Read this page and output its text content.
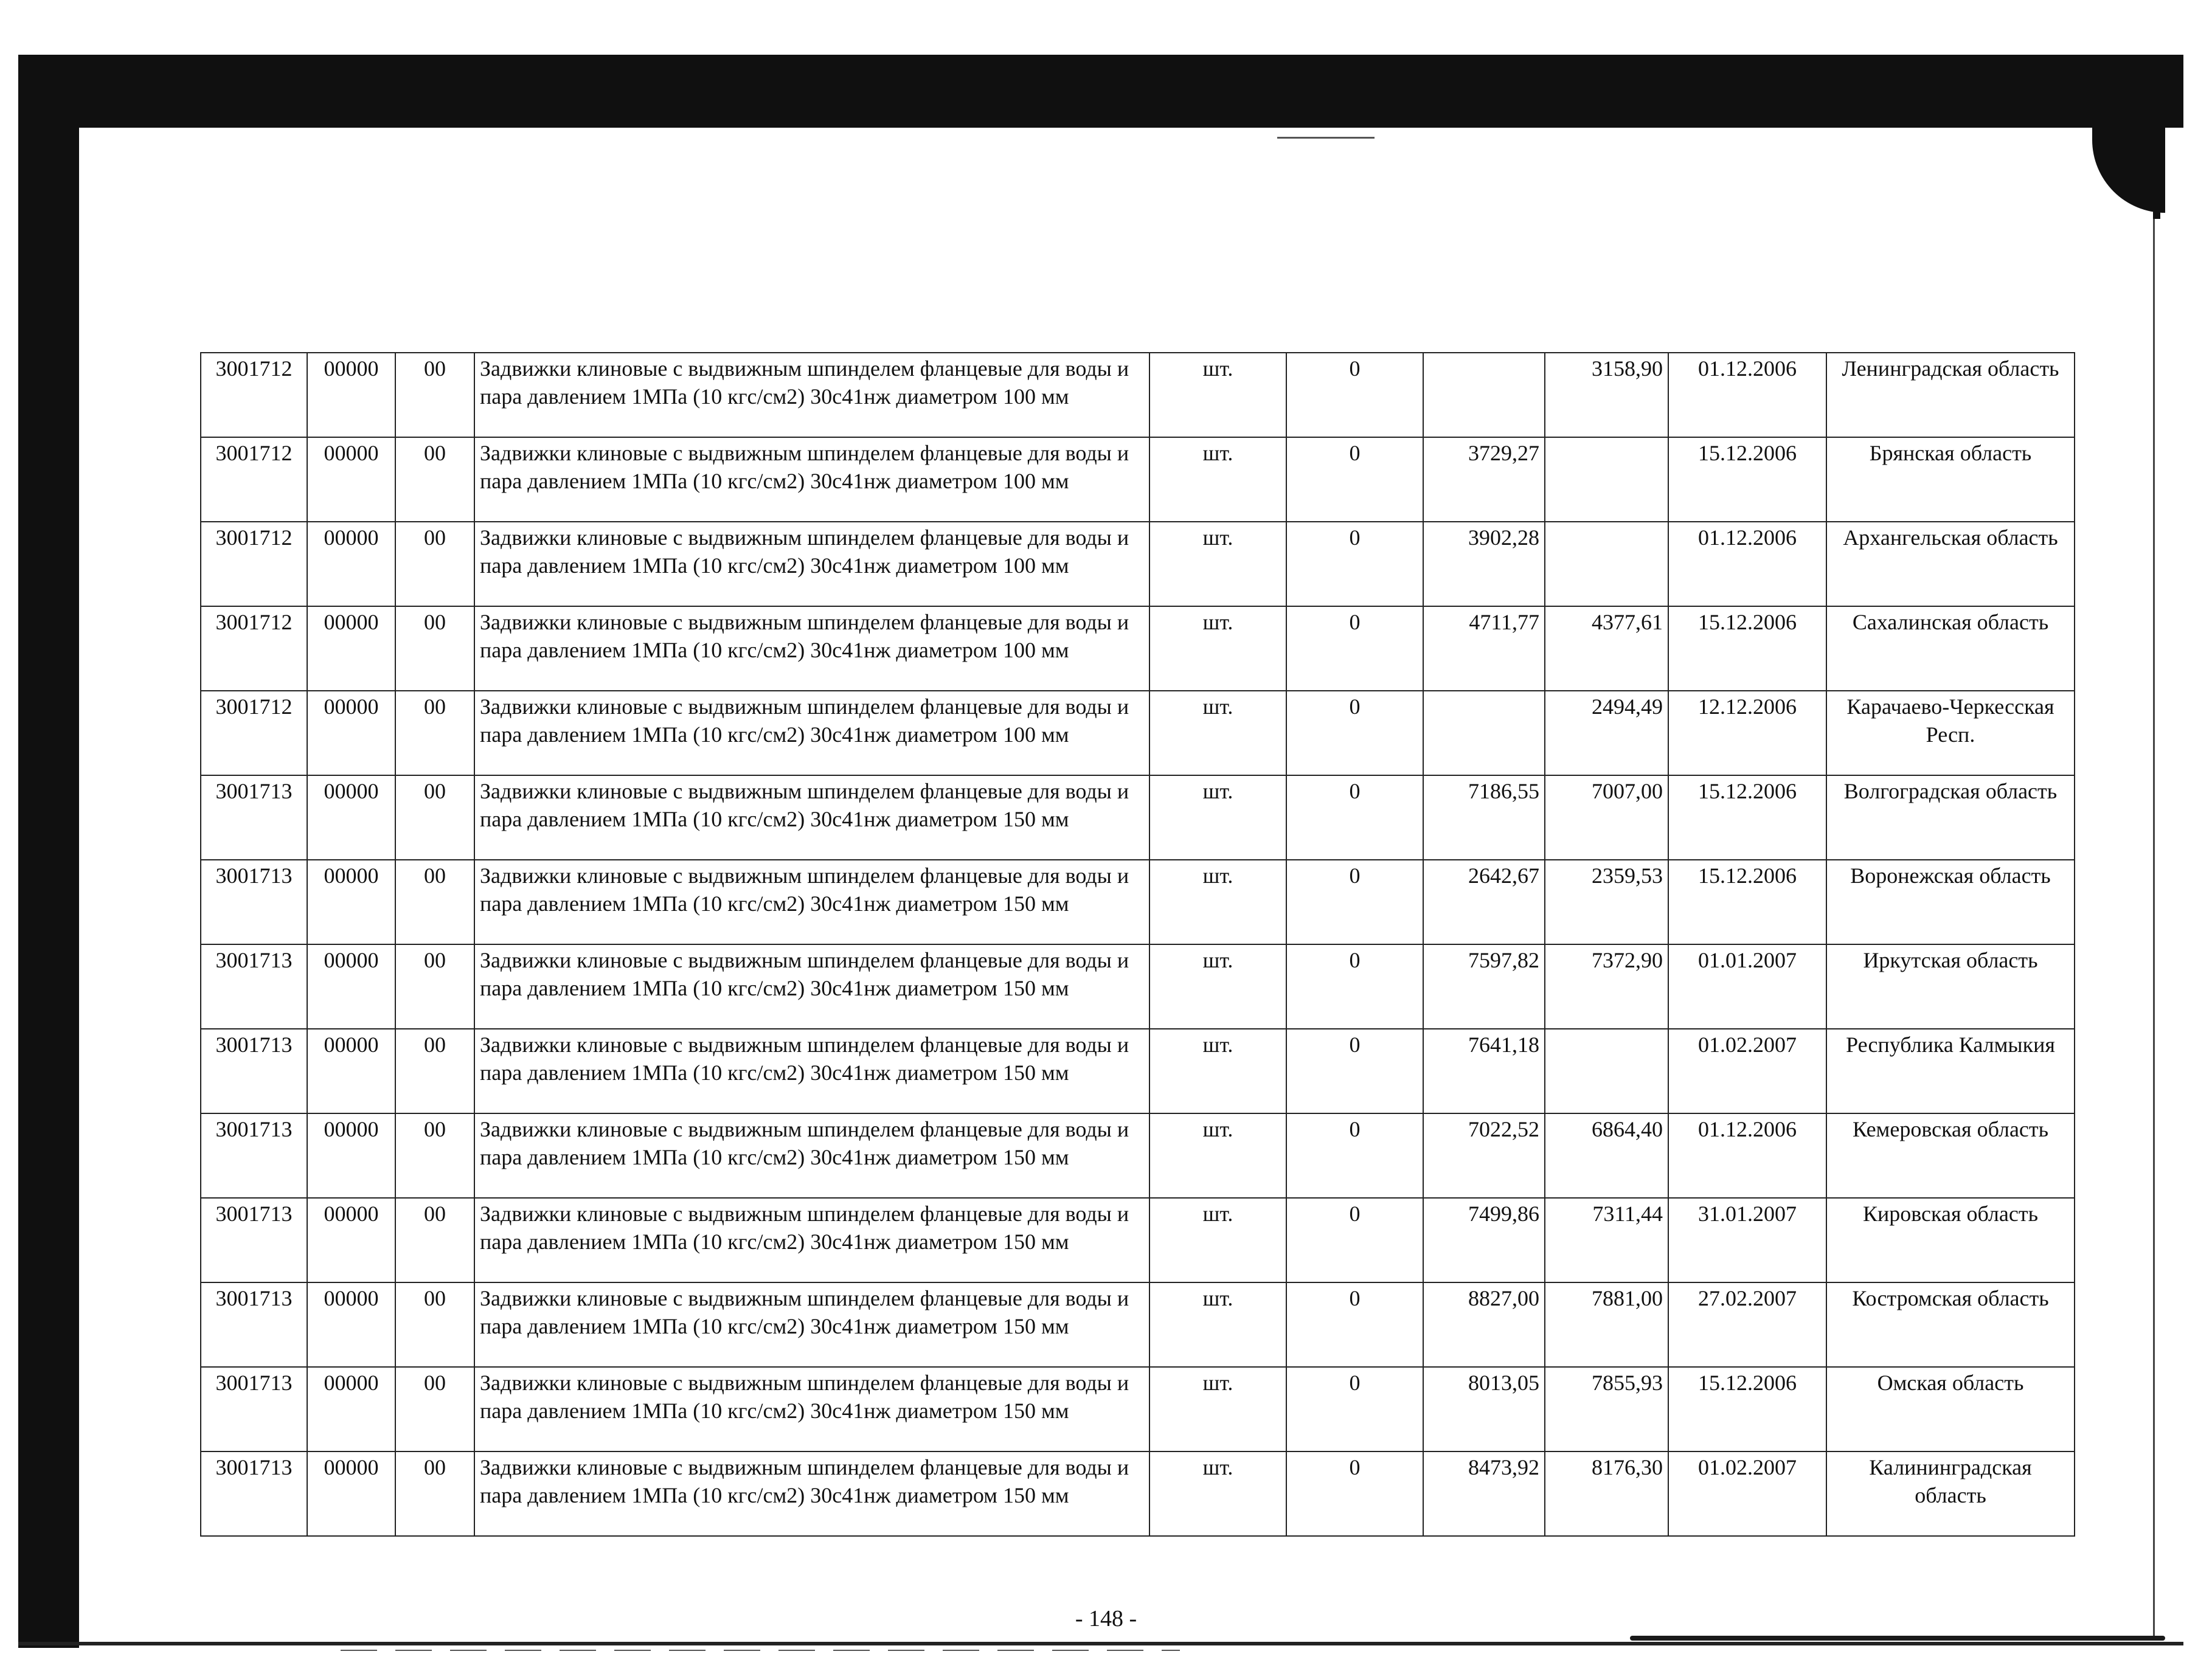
3001712	00000	00	Задвижки клиновые с выдвижным шпинделем фланцевые для воды и пара давлением 1МПа (10 кгс/см2) 30с41нж диаметром 100 мм	шт.	0		3158,90	01.12.2006	Ленинградская область
3001712	00000	00	Задвижки клиновые с выдвижным шпинделем фланцевые для воды и пара давлением 1МПа (10 кгс/см2) 30с41нж диаметром 100 мм	шт.	0	3729,27		15.12.2006	Брянская область
3001712	00000	00	Задвижки клиновые с выдвижным шпинделем фланцевые для воды и пара давлением 1МПа (10 кгс/см2) 30с41нж диаметром 100 мм	шт.	0	3902,28		01.12.2006	Архангельская область
3001712	00000	00	Задвижки клиновые с выдвижным шпинделем фланцевые для воды и пара давлением 1МПа (10 кгс/см2) 30с41нж диаметром 100 мм	шт.	0	4711,77	4377,61	15.12.2006	Сахалинская область
3001712	00000	00	Задвижки клиновые с выдвижным шпинделем фланцевые для воды и пара давлением 1МПа (10 кгс/см2) 30с41нж диаметром 100 мм	шт.	0		2494,49	12.12.2006	Карачаево-Черкесская Респ.
3001713	00000	00	Задвижки клиновые с выдвижным шпинделем фланцевые для воды и пара давлением 1МПа (10 кгс/см2) 30с41нж диаметром 150 мм	шт.	0	7186,55	7007,00	15.12.2006	Волгоградская область
3001713	00000	00	Задвижки клиновые с выдвижным шпинделем фланцевые для воды и пара давлением 1МПа (10 кгс/см2) 30с41нж диаметром 150 мм	шт.	0	2642,67	2359,53	15.12.2006	Воронежская область
3001713	00000	00	Задвижки клиновые с выдвижным шпинделем фланцевые для воды и пара давлением 1МПа (10 кгс/см2) 30с41нж диаметром 150 мм	шт.	0	7597,82	7372,90	01.01.2007	Иркутская область
3001713	00000	00	Задвижки клиновые с выдвижным шпинделем фланцевые для воды и пара давлением 1МПа (10 кгс/см2) 30с41нж диаметром 150 мм	шт.	0	7641,18		01.02.2007	Республика Калмыкия
3001713	00000	00	Задвижки клиновые с выдвижным шпинделем фланцевые для воды и пара давлением 1МПа (10 кгс/см2) 30с41нж диаметром 150 мм	шт.	0	7022,52	6864,40	01.12.2006	Кемеровская область
3001713	00000	00	Задвижки клиновые с выдвижным шпинделем фланцевые для воды и пара давлением 1МПа (10 кгс/см2) 30с41нж диаметром 150 мм	шт.	0	7499,86	7311,44	31.01.2007	Кировская область
3001713	00000	00	Задвижки клиновые с выдвижным шпинделем фланцевые для воды и пара давлением 1МПа (10 кгс/см2) 30с41нж диаметром 150 мм	шт.	0	8827,00	7881,00	27.02.2007	Костромская область
3001713	00000	00	Задвижки клиновые с выдвижным шпинделем фланцевые для воды и пара давлением 1МПа (10 кгс/см2) 30с41нж диаметром 150 мм	шт.	0	8013,05	7855,93	15.12.2006	Омская область
3001713	00000	00	Задвижки клиновые с выдвижным шпинделем фланцевые для воды и пара давлением 1МПа (10 кгс/см2) 30с41нж диаметром 150 мм	шт.	0	8473,92	8176,30	01.02.2007	Калининградская область
- 148 -
